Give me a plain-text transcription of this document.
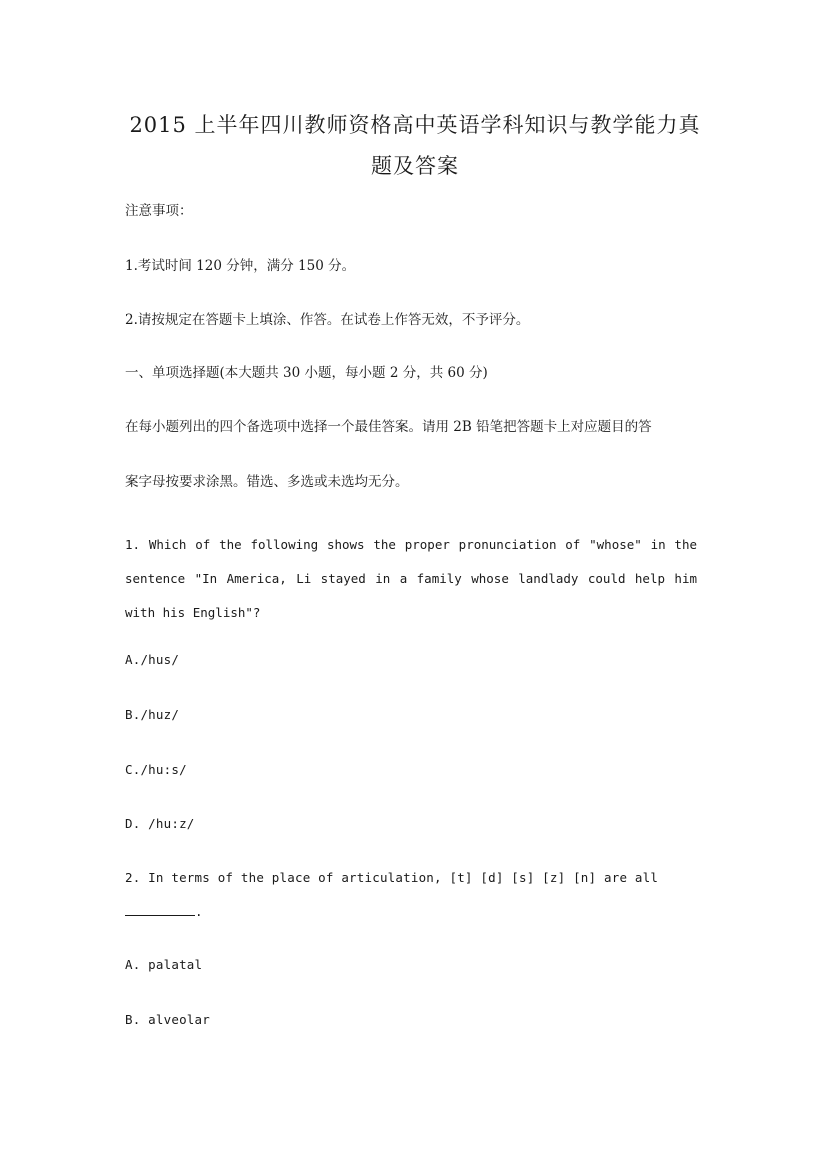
2015 上半年四川教师资格高中英语学科知识与教学能力真
题及答案
注意事项：
1.考试时间 120 分钟，满分 150 分。
2.请按规定在答题卡上填涂、作答。在试卷上作答无效，不予评分。
一、单项选择题(本大题共 30 小题，每小题 2 分，共 60 分)
在每小题列出的四个备选项中选择一个最佳答案。请用 2B 铅笔把答题卡上对应题目的答
案字母按要求涂黑。错选、多选或未选均无分。
1. Which of the following shows the proper pronunciation of "whose" in the sentence "In America, Li stayed in a family whose landlady could help him with his English"?
A./hus/
B./huz/
C./hu:s/
D. /hu:z/
2. In terms of the place of articulation, [t] [d] [s] [z] [n] are all
.
A. palatal
B. alveolar
